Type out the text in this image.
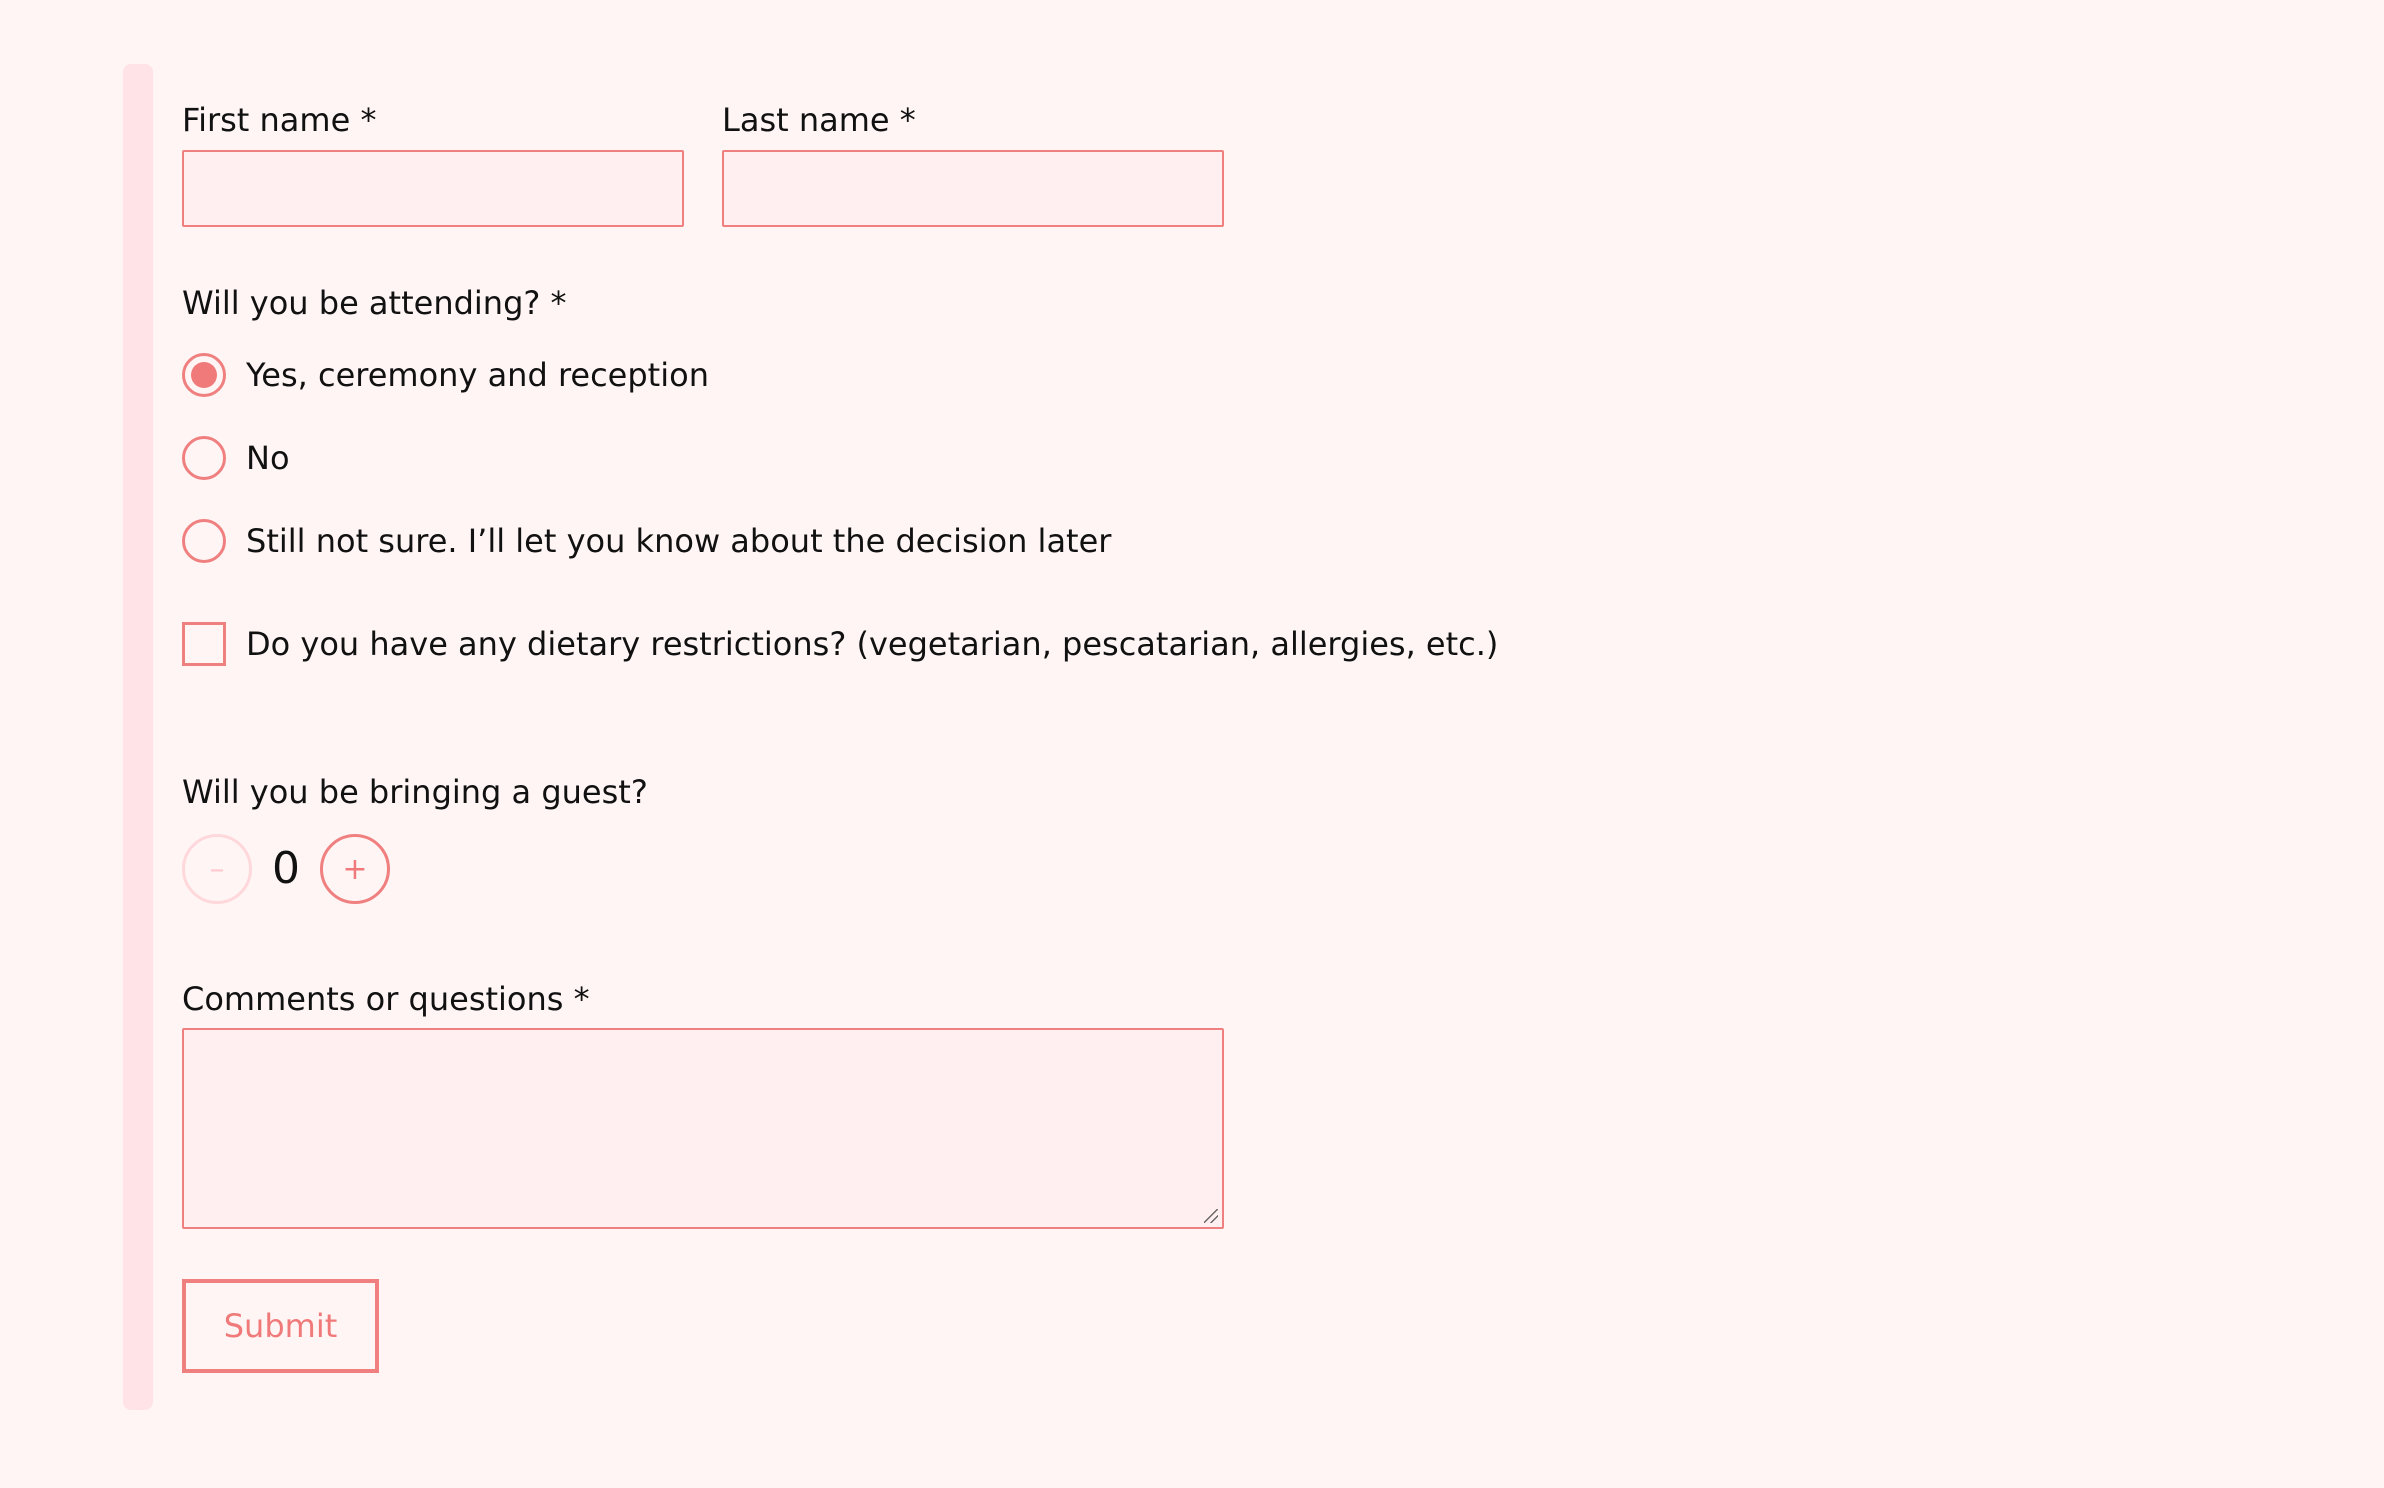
First name *	Last name *
Will you be attending? *
Yes, ceremony and reception
No
Still not sure. I’ll let you know about the decision later
Do you have any dietary restrictions? (vegetarian, pescatarian, allergies, etc.)
Will you be bringing a guest?
– 0	+
Comments or questions *
Submit
